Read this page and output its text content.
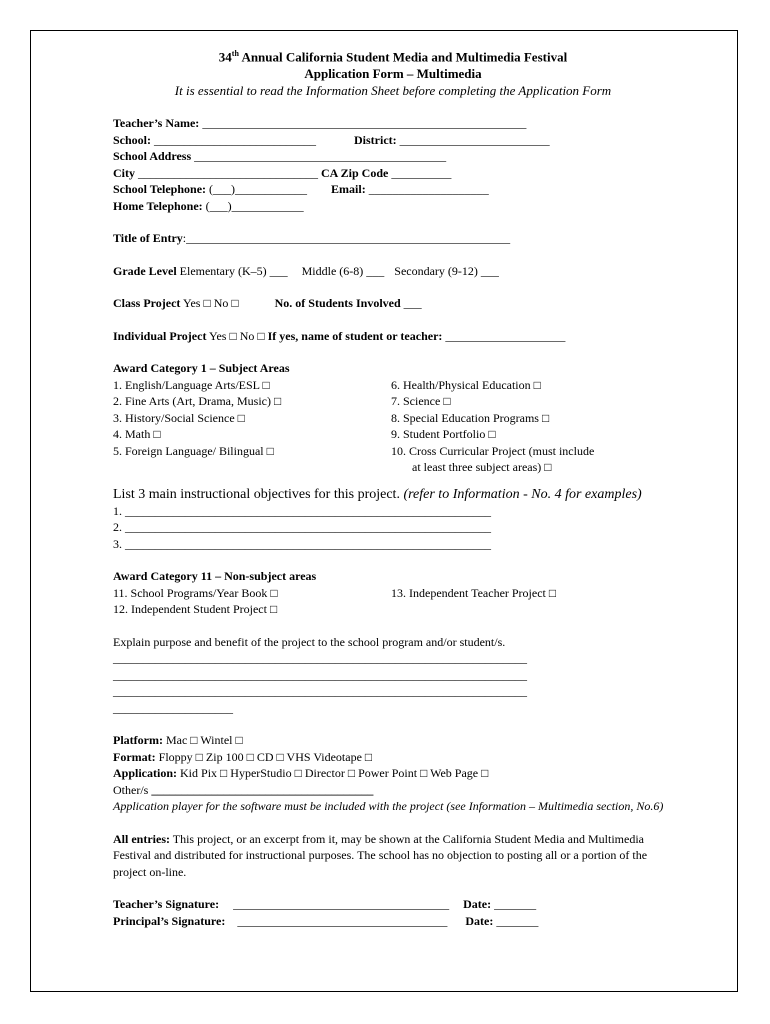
34th Annual California Student Media and Multimedia Festival
Application Form – Multimedia
It is essential to read the Information Sheet before completing the Application Form
Teacher’s Name: ______________________________________________________
School: ___________________________	District: _________________________
School Address __________________________________________
City ______________________________ CA Zip Code __________
School Telephone: (___)____________ Email: ____________________
Home Telephone: (___)____________
Title of Entry:______________________________________________________
Grade Level Elementary (K–5) ___ Middle (6-8) ___ Secondary (9-12) ___
Class Project Yes □ No □	No. of Students Involved ___
Individual Project Yes □ No □ If yes, name of student or teacher: ____________________
Award Category 1 – Subject Areas
1. English/Language Arts/ESL □
2. Fine Arts (Art, Drama, Music) □
3. History/Social Science □
4. Math □
5. Foreign Language/ Bilingual □
6. Health/Physical Education □
7. Science □
8. Special Education Programs □
9. Student Portfolio □
10. Cross Curricular Project (must include
at least three subject areas) □
List 3 main instructional objectives for this project. (refer to Information - No. 4 for examples)
1. _____________________________________________________________
2. _____________________________________________________________
3. _____________________________________________________________
Award Category 11 – Non-subject areas
11. School Programs/Year Book □
12. Independent Student Project □
13. Independent Teacher Project □
Explain purpose and benefit of the project to the school program and/or student/s.
_____________________________________________________________________
_____________________________________________________________________
_____________________________________________________________________
____________________
Platform: Mac □ Wintel □
Format: Floppy □ Zip 100 □ CD □ VHS Videotape □
Application: Kid Pix □ HyperStudio □ Director □ Power Point □ Web Page □
Other/s _____________________________________
Application player for the software must be included with the project (see Information – Multimedia section, No.6)
All entries: This project, or an excerpt from it, may be shown at the California Student Media and Multimedia Festival and distributed for instructional purposes. The school has no objection to posting all or a portion of the project on-line.
Teacher’s Signature: ____________________________________ Date: _______
Principal’s Signature: ___________________________________ Date: _______
